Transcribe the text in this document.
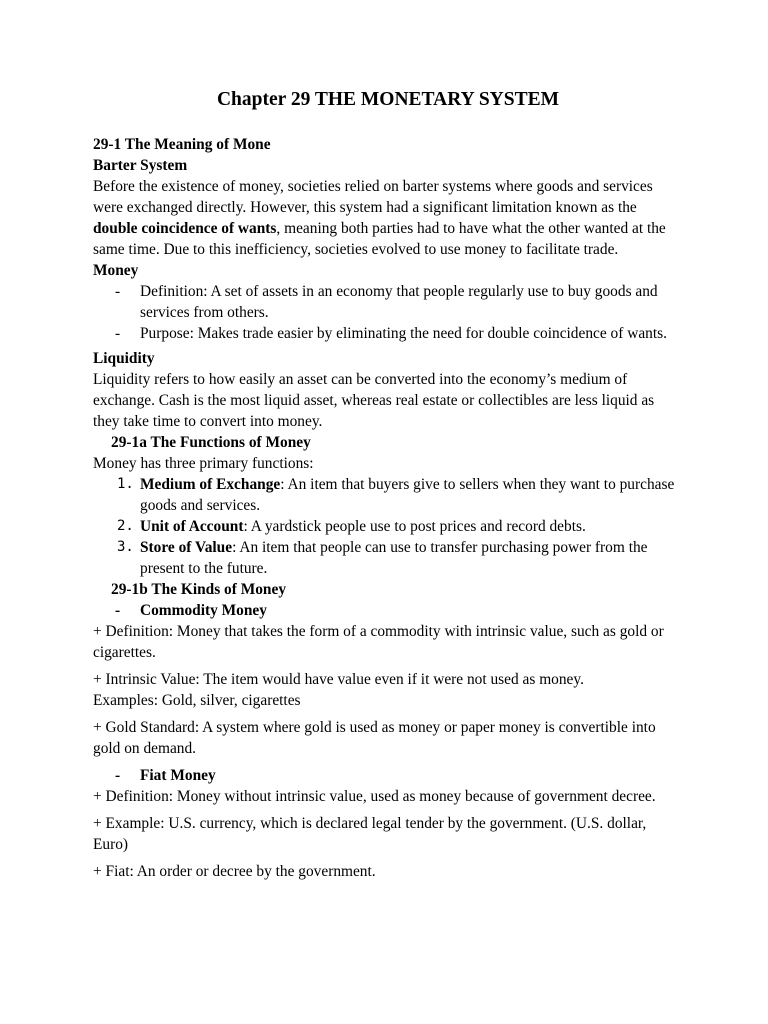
Chapter 29 THE MONETARY SYSTEM

29-1 The Meaning of Mone

Barter System

Before the existence of money, societies relied on barter systems where goods and services were exchanged directly. However, this system had a significant limitation known as the double coincidence of wants, meaning both parties had to have what the other wanted at the same time. Due to this inefficiency, societies evolved to use money to facilitate trade.

Money

- Definition: A set of assets in an economy that people regularly use to buy goods and services from others.
- Purpose: Makes trade easier by eliminating the need for double coincidence of wants.

Liquidity

Liquidity refers to how easily an asset can be converted into the economy’s medium of exchange. Cash is the most liquid asset, whereas real estate or collectibles are less liquid as they take time to convert into money.

29-1a The Functions of Money

Money has three primary functions:

1. Medium of Exchange: An item that buyers give to sellers when they want to purchase goods and services.
2. Unit of Account: A yardstick people use to post prices and record debts.
3. Store of Value: An item that people can use to transfer purchasing power from the present to the future.

29-1b The Kinds of Money

- Commodity Money

+ Definition: Money that takes the form of a commodity with intrinsic value, such as gold or cigarettes.

+ Intrinsic Value: The item would have value even if it were not used as money.

Examples: Gold, silver, cigarettes

+ Gold Standard: A system where gold is used as money or paper money is convertible into gold on demand.

- Fiat Money

+ Definition: Money without intrinsic value, used as money because of government decree.

+ Example: U.S. currency, which is declared legal tender by the government. (U.S. dollar, Euro)

+ Fiat: An order or decree by the government.
